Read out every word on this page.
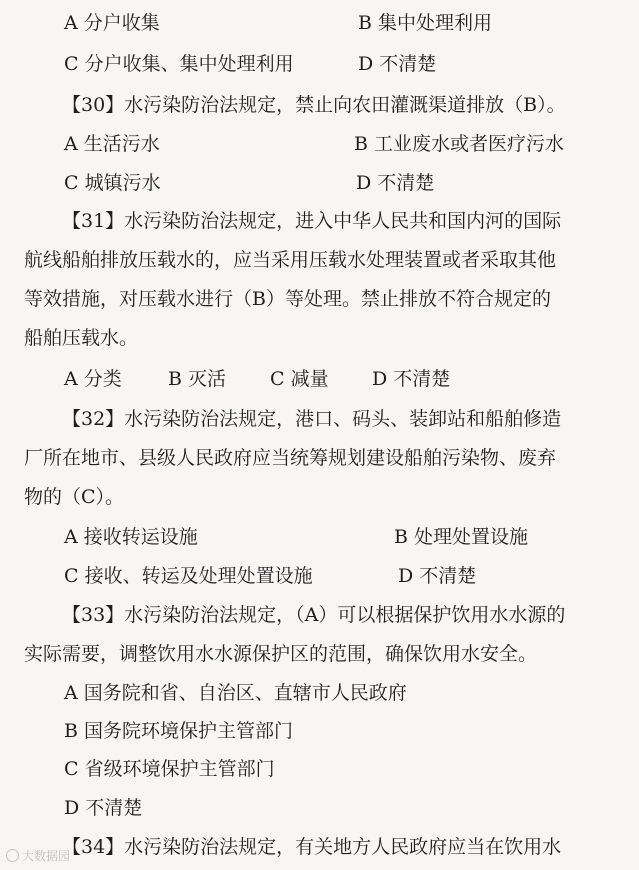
A 分户收集	B 集中处理利用
C 分户收集、集中处理利用	D 不清楚
【30】水污染防治法规定，禁止向农田灌溉渠道排放（B）。
A 生活污水	B 工业废水或者医疗污水
C 城镇污水	D 不清楚
【31】水污染防治法规定，进入中华人民共和国内河的国际
航线船舶排放压载水的，应当采用压载水处理装置或者采取其他
等效措施，对压载水进行（B）等处理。禁止排放不符合规定的
船舶压载水。
A 分类 B 灭活 C 减量 D 不清楚
【32】水污染防治法规定，港口、码头、装卸站和船舶修造
厂所在地市、县级人民政府应当统筹规划建设船舶污染物、废弃
物的（C）。
A 接收转运设施	B 处理处置设施
C 接收、转运及处理处置设施	D 不清楚
【33】水污染防治法规定，（A）可以根据保护饮用水水源的
实际需要，调整饮用水水源保护区的范围，确保饮用水安全。
A 国务院和省、自治区、直辖市人民政府
B 国务院环境保护主管部门
C 省级环境保护主管部门
D 不清楚
【34】水污染防治法规定，有关地方人民政府应当在饮用水
大数据园
